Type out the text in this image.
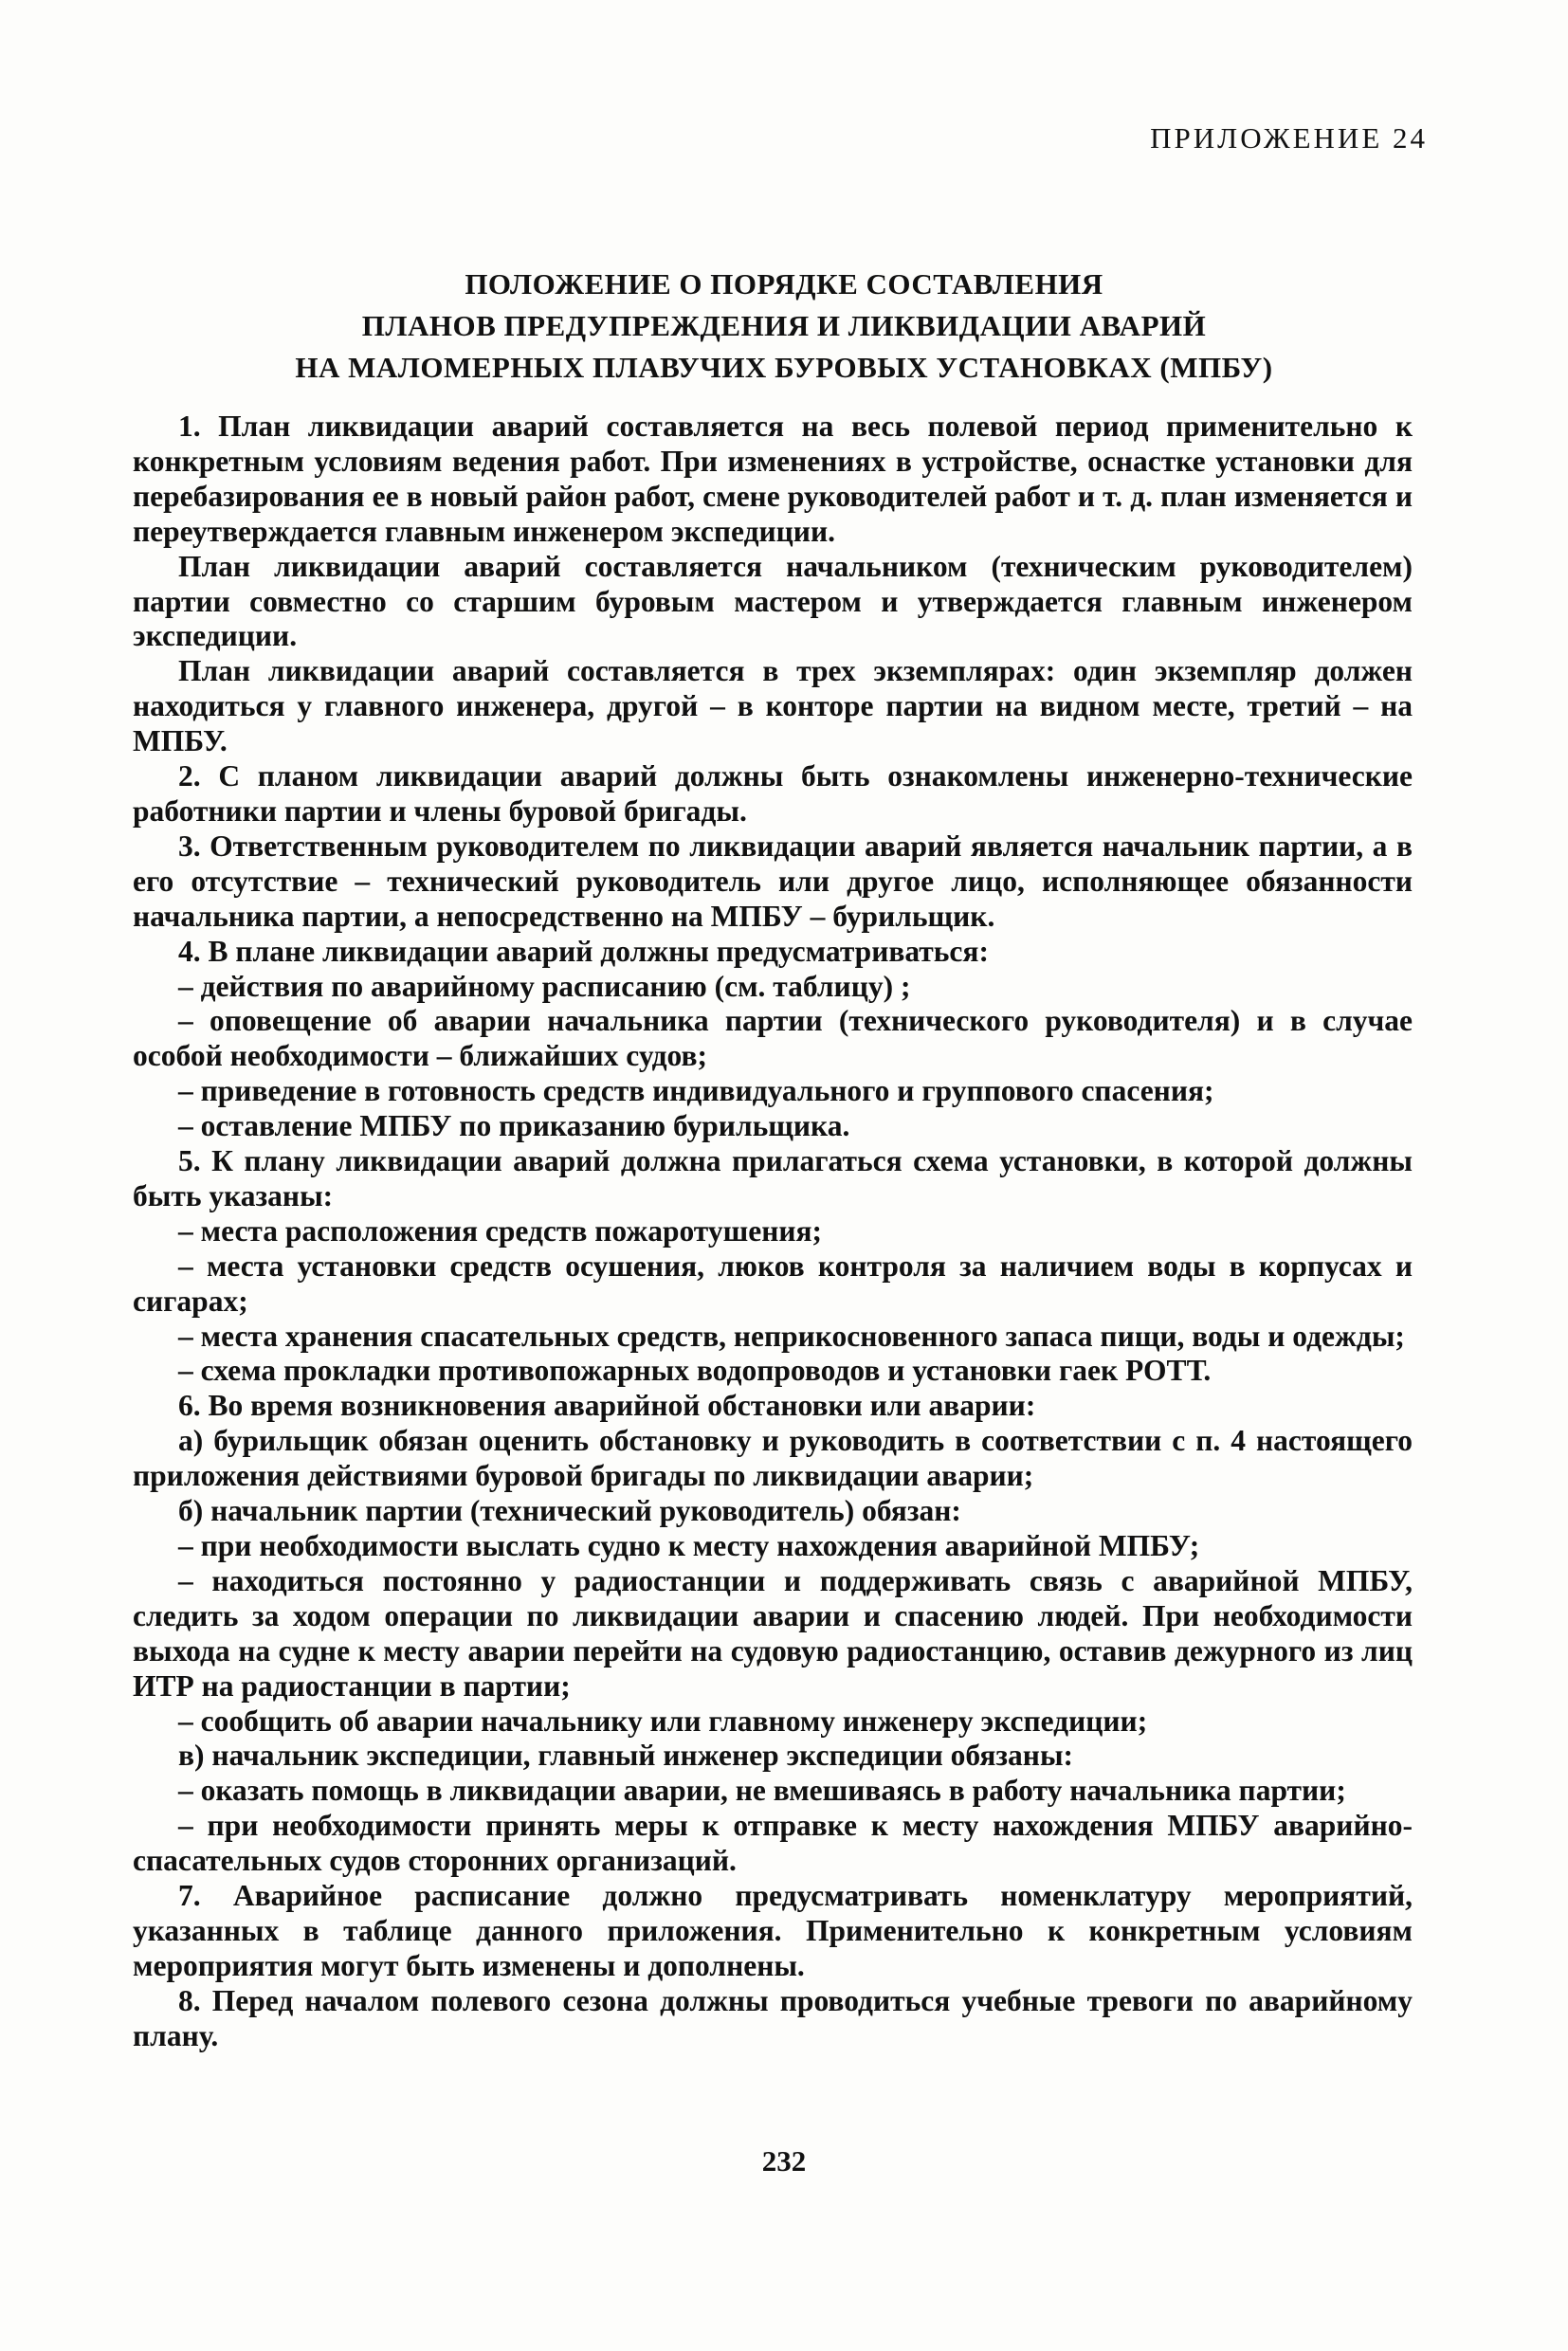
ПРИЛОЖЕНИЕ 24
ПОЛОЖЕНИЕ О ПОРЯДКЕ СОСТАВЛЕНИЯ
ПЛАНОВ ПРЕДУПРЕЖДЕНИЯ И ЛИКВИДАЦИИ АВАРИЙ
НА МАЛОМЕРНЫХ ПЛАВУЧИХ БУРОВЫХ УСТАНОВКАХ (МПБУ)

1. План ликвидации аварий составляется на весь полевой период применительно к конкретным условиям ведения работ. При изменениях в устройстве, оснастке установки для перебазирования ее в новый район работ, смене руководителей работ и т. д. план изменяется и переутверждается главным инженером экспедиции.

План ликвидации аварий составляется начальником (техническим руководителем) партии совместно со старшим буровым мастером и утверждается главным инженером экспедиции.

План ликвидации аварий составляется в трех экземплярах: один экземпляр должен находиться у главного инженера, другой – в конторе партии на видном месте, третий – на МПБУ.

2. С планом ликвидации аварий должны быть ознакомлены инженерно-технические работники партии и члены буровой бригады.

3. Ответственным руководителем по ликвидации аварий является начальник партии, а в его отсутствие – технический руководитель или другое лицо, исполняющее обязанности начальника партии, а непосредственно на МПБУ – бурильщик.

4. В плане ликвидации аварий должны предусматриваться:

– действия по аварийному расписанию (см. таблицу) ;

– оповещение об аварии начальника партии (технического руководителя) и в случае особой необходимости – ближайших судов;

– приведение в готовность средств индивидуального и группового спасения;

– оставление МПБУ по приказанию бурильщика.

5. К плану ликвидации аварий должна прилагаться схема установки, в которой должны быть указаны:

– места расположения средств пожаротушения;

– места установки средств осушения, люков контроля за наличием воды в корпусах и сигарах;

– места хранения спасательных средств, неприкосновенного запаса пищи, воды и одежды;

– схема прокладки противопожарных водопроводов и установки гаек РОТТ.

6. Во время возникновения аварийной обстановки или аварии:

а) бурильщик обязан оценить обстановку и руководить в соответствии с п. 4 настоящего приложения действиями буровой бригады по ликвидации аварии;

б) начальник партии (технический руководитель) обязан:

– при необходимости выслать судно к месту нахождения аварийной МПБУ;

– находиться постоянно у радиостанции и поддерживать связь с аварийной МПБУ, следить за ходом операции по ликвидации аварии и спасению людей. При необходимости выхода на судне к месту аварии перейти на судовую радиостанцию, оставив дежурного из лиц ИТР на радиостанции в партии;

– сообщить об аварии начальнику или главному инженеру экспедиции;

в) начальник экспедиции, главный инженер экспедиции обязаны:

– оказать помощь в ликвидации аварии, не вмешиваясь в работу начальника партии;

– при необходимости принять меры к отправке к месту нахождения МПБУ аварийно-спасательных судов сторонних организаций.

7. Аварийное расписание должно предусматривать номенклатуру мероприятий, указанных в таблице данного приложения. Применительно к конкретным условиям мероприятия могут быть изменены и дополнены.

8. Перед началом полевого сезона должны проводиться учебные тревоги по аварийному плану.

232
